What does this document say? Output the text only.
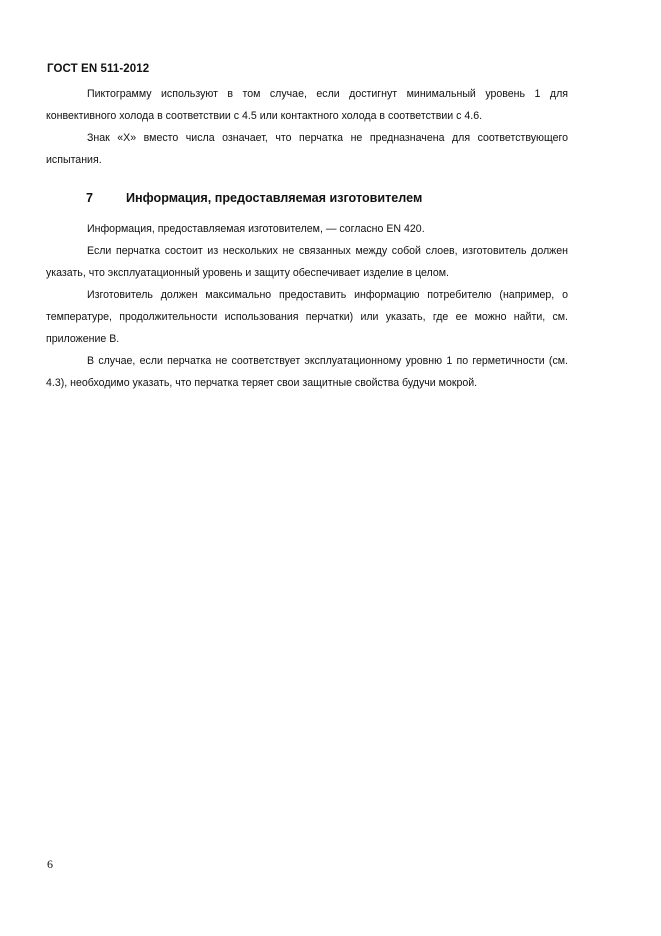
ГОСТ EN 511-2012

Пиктограмму используют в том случае, если достигнут минимальный уровень 1 для конвективного холода в соответствии с 4.5 или контактного холода в соответствии с 4.6.

Знак «Х» вместо числа означает, что перчатка не предназначена для соответствующего испытания.

7	Информация, предоставляемая изготовителем

Информация, предоставляемая изготовителем, — согласно EN 420.

Если перчатка состоит из нескольких не связанных между собой слоев, изготовитель должен указать, что эксплуатационный уровень и защиту обеспечивает изделие в целом.

Изготовитель должен максимально предоставить информацию потребителю (например, о температуре, продолжительности использования перчатки) или указать, где ее можно найти, см. приложение В.

В случае, если перчатка не соответствует эксплуатационному уровню 1 по герметичности (см. 4.3), необходимо указать, что перчатка теряет свои защитные свойства будучи мокрой.

6
